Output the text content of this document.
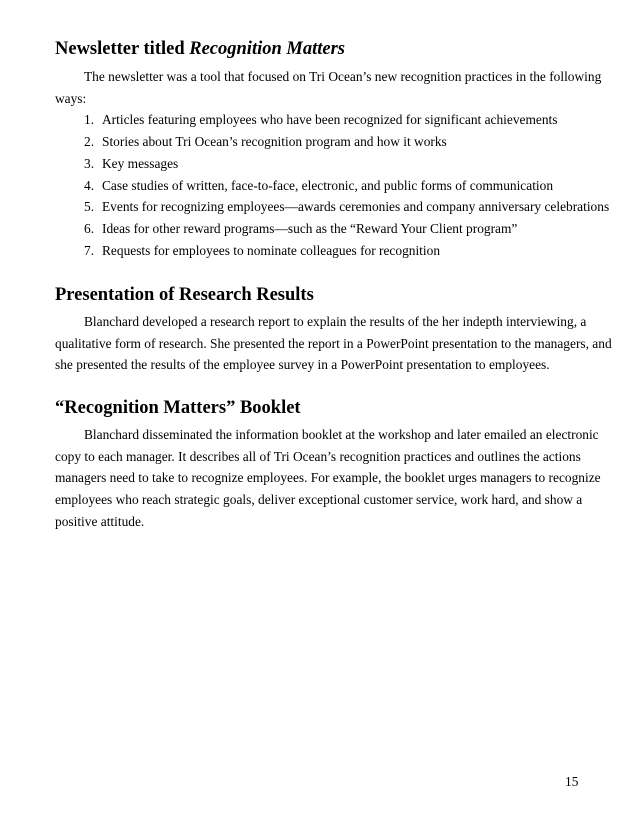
Newsletter titled Recognition Matters

The newsletter was a tool that focused on Tri Ocean’s new recognition practices in the following
ways:

1. Articles featuring employees who have been recognized for significant achievements
2. Stories about Tri Ocean’s recognition program and how it works
3. Key messages
4. Case studies of written, face-to-face, electronic, and public forms of communication
5. Events for recognizing employees—awards ceremonies and company anniversary celebrations
6. Ideas for other reward programs—such as the “Reward Your Client program”
7. Requests for employees to nominate colleagues for recognition
Presentation of Research Results

Blanchard developed a research report to explain the results of the her indepth interviewing, a
qualitative form of research. She presented the report in a PowerPoint presentation to the managers, and
she presented the results of the employee survey in a PowerPoint presentation to employees.

“Recognition Matters” Booklet

Blanchard disseminated the information booklet at the workshop and later emailed an electronic
copy to each manager. It describes all of Tri Ocean’s recognition practices and outlines the actions
managers need to take to recognize employees. For example, the booklet urges managers to recognize
employees who reach strategic goals, deliver exceptional customer service, work hard, and show a
positive attitude.

15
